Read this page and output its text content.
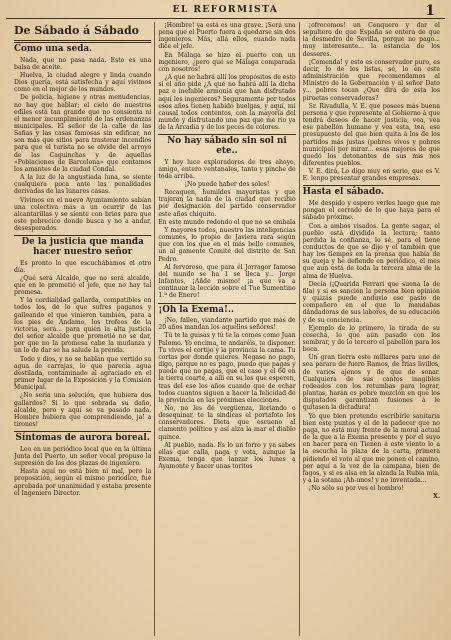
EL REFORMISTA	1
De Sábado á Sábado
Como una seda.

Nada, que no pasa nada. Esto es una balsa de aceite.

Huelva, la ciudad alegre y linda cuando Dios quería, está satisfecha y aquí vivimos como en el mejor de los mundos.

De policía, higiene y otras menudencias, no hay que hablar; el cielo de nuestros ediles está tan grande que no consienta ni el menor incumplimiento de las ordenanzas municipales. El señor de la calle de las Sañas y las casas famosas sin edificar, no son más que sitios para trasterar incendios para que el turista no se olvide del arroyo de las Caguinchas y de aquellas «Poblaciones de Barcelona» que contamos los amantes de la ciudad Condal.

A la luz de la angustiada luna, se siente cualquiera poca ante las penalidades derivadas de las lunares casas.

Vivimos en el nuevo Ayuntamiento sabían una colectiva más a un ocurrir de las alcantarillas y se siente con brios para que este pobrecico donde busca y no a andar, desesperados.

De la justicia que manda hacer nuestro señor

Es pronto lo que escuchábamos el otro día.

¿Qué será Alcalde, que no será alcalde, que en le prometió el jefe, que no hay tal promesa.

Y la cordialidad gallarda, compatibles en todos los, de lo que sufres paganos y galleando el que vinieron también, para a los pies de Andamo, los trofeos de la victoria, será... para quién la alta justicia del señor alcalde que prometió no se dar, por que no la promesa cabe la mudanza y un lo de dar se ha salude la prenda.

Todo y dios, y no se hablan que vertido su agua de carrajas, lo que parecía agua destilada, contaminado al agraciado en el primer lugar de la Exposición y la Comisión Municipal.

¿No sería una solución, que hubiera dos gallardos? Si lo que sobrada su daño, alcalde, pero y aquí se va pasado nada. Hombre hubiera que comprendiendo, ja! a tirones!

Síntomas de aurora boreal.

Leo en un periódico local que en la última Junta del Puerto, un señor vocal propuso la supresión de los dos plazas de ingeniero.

Hasta aquí no está bien ni mal, pero la proposición, según el mismo periódico, fué aprobada por unanimidad y estaba presente el Ingeniero Director.

¡Hombre! ya está es una grave. ¡Será una pena que el Puerto fuera a quedarse sin dos ingenieros. Más, allá ellos, cuando nada dice el jefe.

En Málaga se hizo el puerto con un ingeniero, ¿pero qué se Málaga comparada con nosotros!

¿A que no habrá allí los propósitos de esto si el año pide ¿A qué no habrá allí la dicha paz e inefable armonía que han disfrutado aquí los ingenieros? Seguramente por todos esos años tienen habido huelgas, y aquí, mi causal todos contentos, con la mayoría del mundo y disfrutando una paz que me rio ya de la Arcadia y de los peces de colores.

No hay sábado sin sol ni ete..

Y hoy luce exploradores de tres ahoyo, amigo, entero ventanales, tanto y pinche de toda arriba.

¡No puede haber dos soles!

Recaquen, humildes mayoristas y que trajeran la nada de la ciudad que recibió por designación del partido conservador este años chiquito.

En este mundo redondo el que no se embala

Y mayores todos, nuestro las inteligencias comunes, lo propio de Javiera rara según que con los que en el más bello comunes, un al gamente Comité del distrito de San Pedro.

Al fervoroso, que para él Jorragor famoso del mundo se ha 1 se lleca y... Jorge Infantes, ¡Añde mismo! ¡a que va a continuar la lección sobre el Tue Sumentino 1.ª de Enero!

¡Oh la Exema!..

¡No, fallen, viandante partido que más de 20 años mandan los aquellos señores!

Tú te la guisas y tú te la comes como Juan Palomo. Yo encima, te andaréis, te disponer. Tu vives el cortijo y la provincia la cama. Tu cortas por donde quieres. Negase no pago, digo, porque no es pago, puedo que pagas y puede que no pagas, que el caso y el 60 en la tierra coarte, a alli en su los que esperen, tras del ese los años cuando que de echar todos cuantos siguen a hacer la felicidad de la provincia en las próximas elecciones.

No, no les dé vergüenza, lloriando o desequinar, te la sindicas el portafoto los conservadores. Dieta que escueno al ciamento político y así alza la mar el diablo quince.

Al pueblo, nada. Es lo un forro y ya sabes ellas que calla, paga y vota, aunque la Exema, tenga que lanzar los lunes a Ayamonte y hacer unas toritos

¡ofrecemos! un Conquero y dar el sepultero de que España se entera de que la desmedro de Sevilla, porque no pago... muy interesante... la estancia de los desseres.

¡Comenda! y esto es conservador puro, es decir, lo de los listas, sé, lo en este administración que recomendamos al Ministro de la Gobernación y al señor Dato y... pobres tocan ¿Que dirá de esta los piruetas conservadoras?

Sr. Rivadulla, V. E. que posees más buena persona y que represente al Gobierno á que tendrá deseos de hacer justicia, vea, vea ese pabellón humano y vea esta, tea, ese presupuesto del que bien quita á los de los partidos más justas (pobres vivos y pobres municipal) por mirar... esas mejores de que quedó los detonantes de sus mis nos diferentes pueblos.

V. E. dirá, Lo digo muy en serio, que es V. E. lenpo presentar grandes empresas.

Hasta el sábado.

Me despido y espero verles luego que me pongan el cerrado de lo que haya para el sábado próximo.

Con a ambos visados. La gente sagaz, el pueblo está dividido la lectura; tanto perdida la confianza, lo sé, para el tiene conductos de que se dijo y el también que hay los tiempos en la prensa que había de su queja y he defiende en periódico, el mes que aun está de toda la tercera alma de la alma de Huelva.

Decía (¡Querida Ferrari que suena la de fila) y si es sanción la persona bien opinión y quizás puede anduvio ese pasto de compañero en el que lo mandabas dándadoras de sus labores, de su educación y de su conciencia.

Ejemplo de lo primero, la tirada de su cosecha, lo que aún pasado con los sembrar, y de lo tercero el pabellón para los boca.

Un gran tierra este millares para uno de sea parara de fuero Ramos, de frías livillos, de varios ajenos y de que de sonar. Cualquiera de sus cantos inagibles rodeados con los retumbas para lograr, plantas, harán es pobre mezclón en que los disputados garantizan fusiones á le quitasen la dictadura!

Yo que bien pretendo escribirle sanitaria bien este puntos y el de la padecer que no paga, no está muy frente de la moral actual de la que a la Exema presente y por el suyo en hacer para en Tienen á este viento lo a la escucha la plaza de la carta, primera pidiendo el voto al que me ponen el camino, por aquí a la voz de la campana, bien de fagos, y si es alsa en la alzada la Rubia mía, y a la sotana ¡Ah-unos! y no inventada...

¡No sólo su por ves el hombro!

X.
